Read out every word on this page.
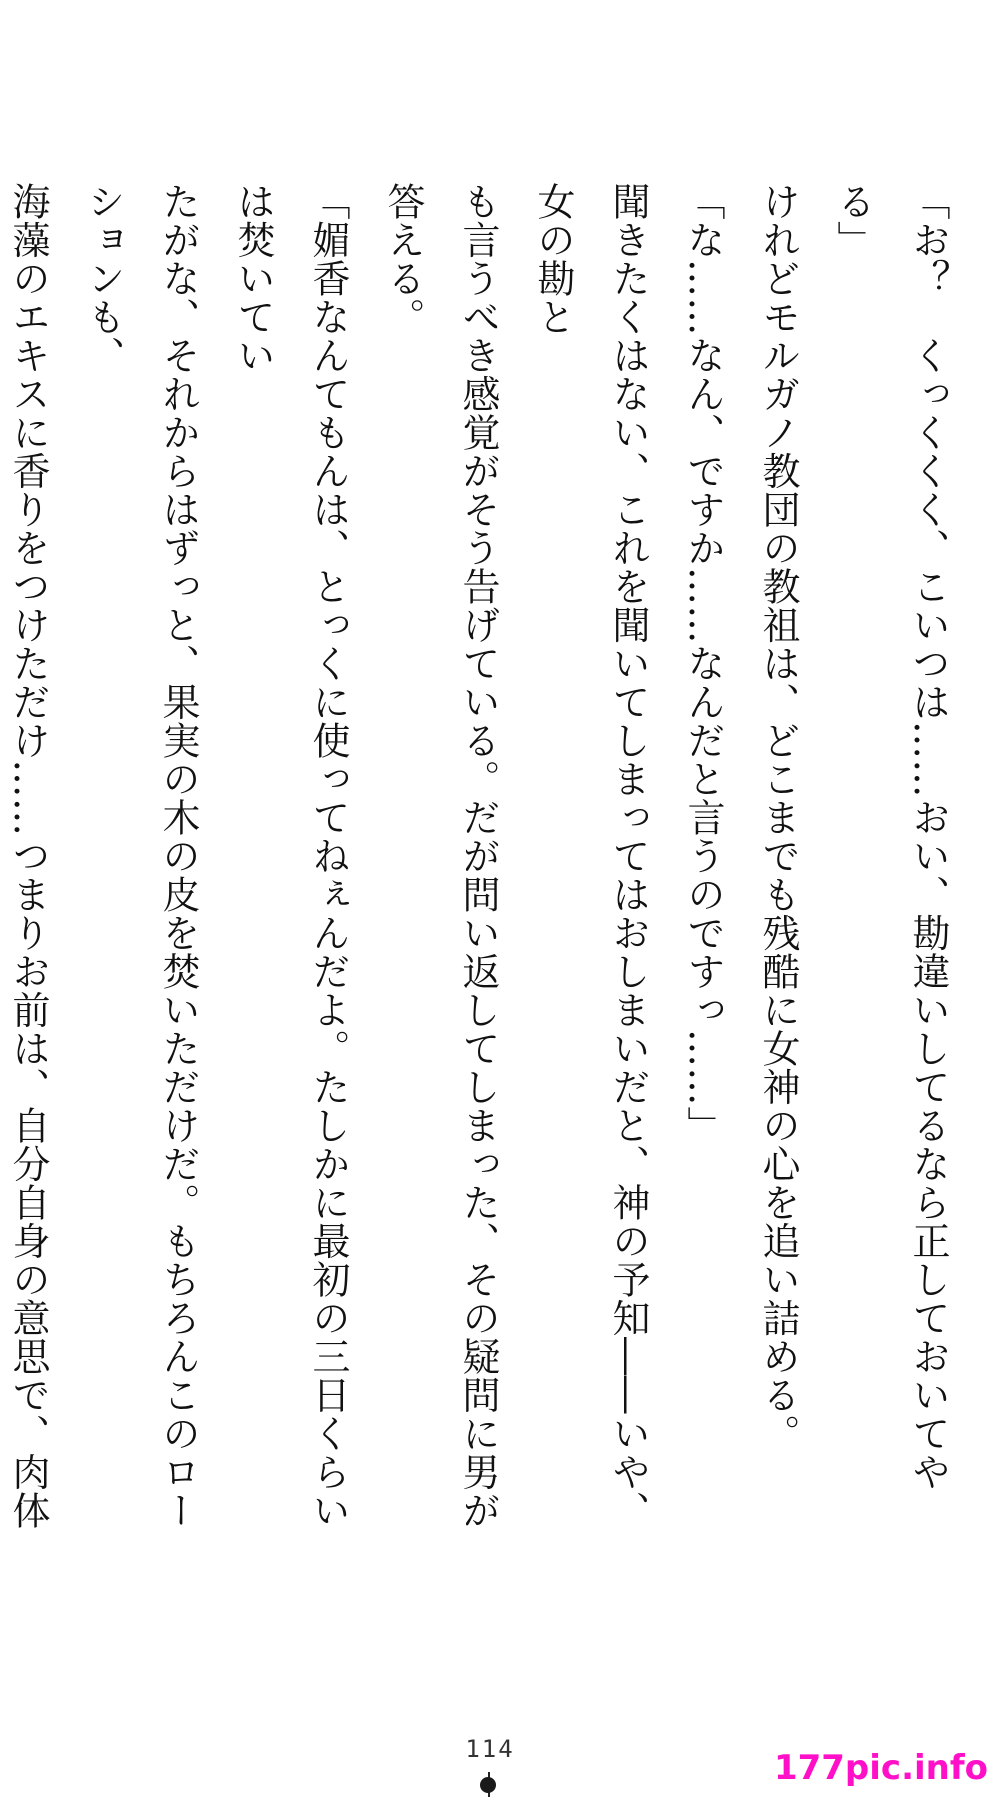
「お？　くっくくく、こいつは……おい、勘違いしてるなら正しておいてやる」
けれどモルガノ教団の教祖は、どこまでも残酷に女神の心を追い詰める。
「な……なん、ですか……なんだと言うのですっ……」
聞きたくはない、これを聞いてしまってはおしまいだと、神の予知――いや、女の勘と
も言うべき感覚がそう告げている。だが問い返してしまった、その疑問に男が答える。
「媚香なんてもんは、とっくに使ってねぇんだよ。たしかに最初の三日くらいは焚いてい
たがな、それからはずっと、果実の木の皮を焚いただけだ。もちろんこのローションも、
海藻のエキスに香りをつけただけ……つまりお前は、自分自身の意思で、肉体
114	177pic.info
